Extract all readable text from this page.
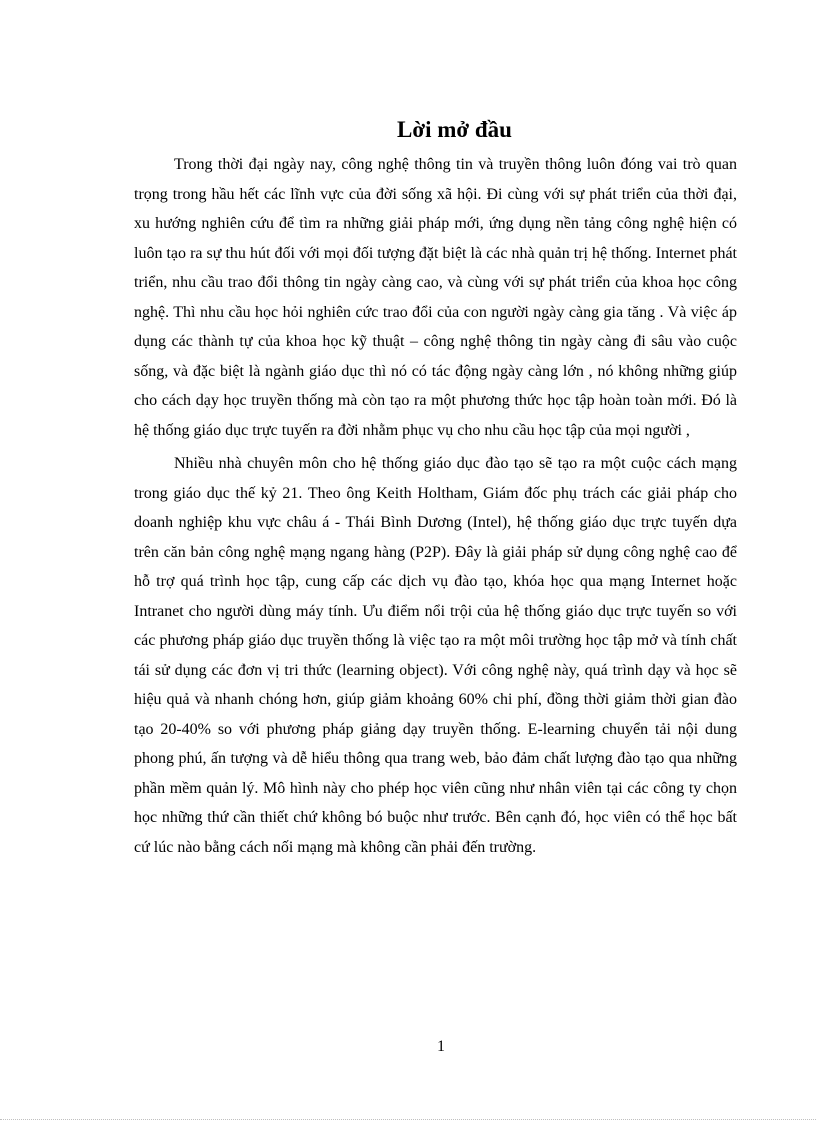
Lời mở đầu

Trong thời đại ngày nay, công nghệ thông tin và truyền thông luôn đóng vai trò quan trọng trong hầu hết các lĩnh vực của đời sống xã hội. Đi cùng với sự phát triển của thời đại, xu hướng nghiên cứu để tìm ra những giải pháp mới, ứng dụng nền tảng công nghệ hiện có luôn tạo ra sự thu hút đối với mọi đối tượng đặt biệt là các nhà quản trị hệ thống. Internet phát triển, nhu cầu trao đổi thông tin ngày càng cao, và cùng với sự phát triển của khoa học công nghệ. Thì nhu cầu học hỏi nghiên cức trao đổi của con người ngày càng gia tăng . Và việc áp dụng các thành tự của khoa học kỹ thuật – công nghệ thông tin ngày càng đi sâu vào cuộc sống, và đặc biệt là ngành giáo dục thì nó có tác động ngày càng lớn , nó không những giúp cho cách dạy học truyền thống mà còn tạo ra một phương thức học tập hoàn toàn mới. Đó là hệ thống giáo dục trực tuyến ra đời nhằm phục vụ cho nhu cầu học tập của mọi người ,

Nhiều nhà chuyên môn cho hệ thống giáo dục đào tạo sẽ tạo ra một cuộc cách mạng trong giáo dục thế kỷ 21. Theo ông Keith Holtham, Giám đốc phụ trách các giải pháp cho doanh nghiệp khu vực châu á - Thái Bình Dương (Intel), hệ thống giáo dục trực tuyến dựa trên căn bản công nghệ mạng ngang hàng (P2P). Đây là giải pháp sử dụng công nghệ cao để hỗ trợ quá trình học tập, cung cấp các dịch vụ đào tạo, khóa học qua mạng Internet hoặc Intranet cho người dùng máy tính. Ưu điểm nổi trội của hệ thống giáo dục trực tuyến so với các phương pháp giáo dục truyền thống là việc tạo ra một môi trường học tập mở và tính chất tái sử dụng các đơn vị tri thức (learning object). Với công nghệ này, quá trình dạy và học sẽ hiệu quả và nhanh chóng hơn, giúp giảm khoảng 60% chi phí, đồng thời giảm thời gian đào tạo 20-40% so với phương pháp giảng dạy truyền thống. E-learning chuyển tải nội dung phong phú, ấn tượng và dễ hiểu thông qua trang web, bảo đảm chất lượng đào tạo qua những phần mềm quản lý. Mô hình này cho phép học viên cũng như nhân viên tại các công ty chọn học những thứ cần thiết chứ không bó buộc như trước. Bên cạnh đó, học viên có thể học bất cứ lúc nào bằng cách nối mạng mà không cần phải đến trường.

1
